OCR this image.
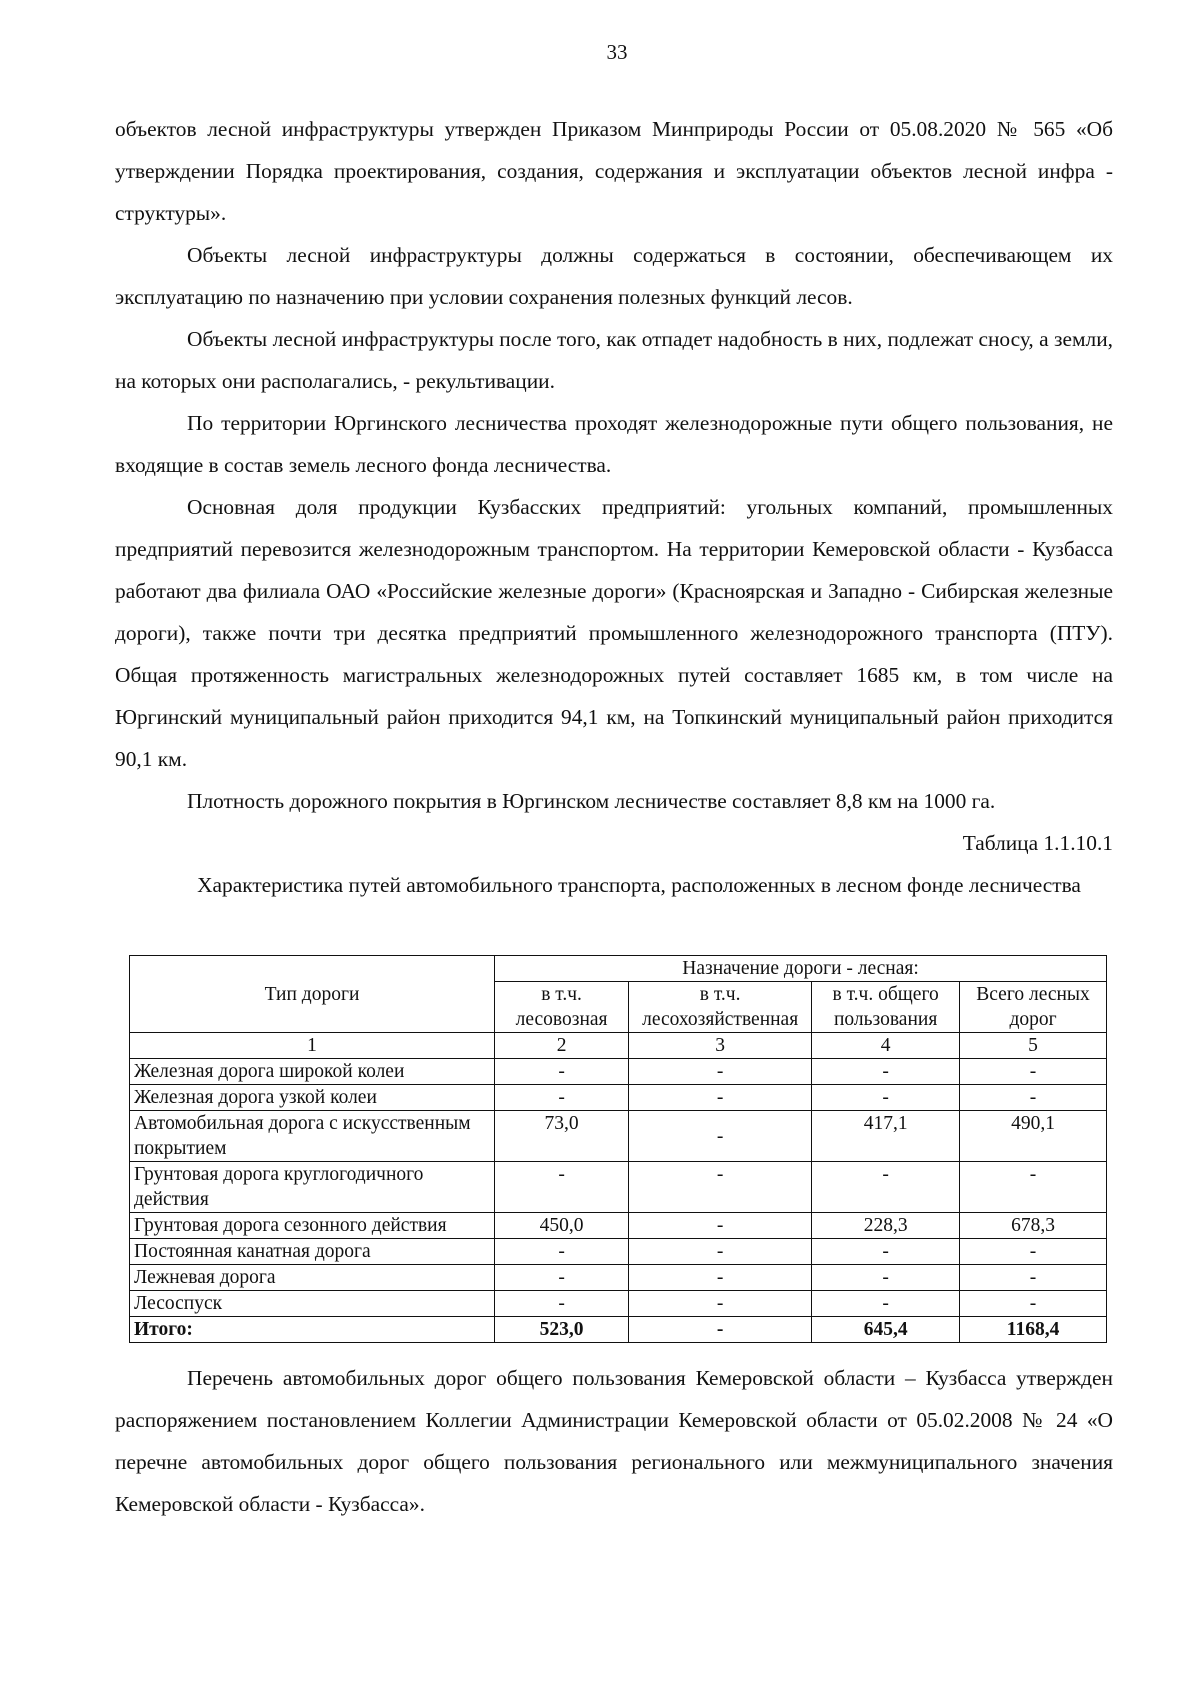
33

объектов лесной инфраструктуры утвержден Приказом Минприроды России от 05.08.2020 № 565 «Об утверждении Порядка проектирования, создания, содержания и эксплуатации объектов лесной инфра - структуры».

Объекты лесной инфраструктуры должны содержаться в состоянии, обеспечивающем их эксплуатацию по назначению при условии сохранения полезных функций лесов.

Объекты лесной инфраструктуры после того, как отпадет надобность в них, подлежат сносу, а земли, на которых они располагались, - рекультивации.

По территории Юргинского лесничества проходят железнодорожные пути общего пользования, не входящие в состав земель лесного фонда лесничества.

Основная доля продукции Кузбасских предприятий: угольных компаний, промышленных предприятий перевозится железнодорожным транспортом. На территории Кемеровской области - Кузбасса работают два филиала ОАО «Российские железные дороги» (Красноярская и Западно - Сибирская железные дороги), также почти три десятка предприятий промышленного железнодорожного транспорта (ПТУ). Общая протяженность магистральных железнодорожных путей составляет 1685 км, в том числе на Юргинский муниципальный район приходится 94,1 км, на Топкинский муниципальный район приходится 90,1 км.

Плотность дорожного покрытия в Юргинском лесничестве составляет 8,8 км на 1000 га.

Таблица 1.1.10.1
Характеристика путей автомобильного транспорта, расположенных в лесном фонде лесничества
Тип дороги	Назначение дороги - лесная:			
	в т.ч. лесовозная	в т.ч. лесохозяйственная	в т.ч. общего пользования	Всего лесных дорог
1	2	3	4	5
Железная дорога широкой колеи	-	-	-	-
Железная дорога узкой колеи	-	-	-	-
Автомобильная дорога с искусственным покрытием	73,0	-	417,1	490,1
Грунтовая дорога круглогодичного действия	-	-	-	-
Грунтовая дорога сезонного действия	450,0	-	228,3	678,3
Постоянная канатная дорога	-	-	-	-
Лежневая дорога	-	-	-	-
Лесоспуск	-	-	-	-
Итого:	523,0	-	645,4	1168,4

Перечень автомобильных дорог общего пользования Кемеровской области – Кузбасса утвержден распоряжением постановлением Коллегии Администрации Кемеровской области от 05.02.2008 № 24 «О перечне автомобильных дорог общего пользования регионального или межмуниципального значения Кемеровской области - Кузбасса».
